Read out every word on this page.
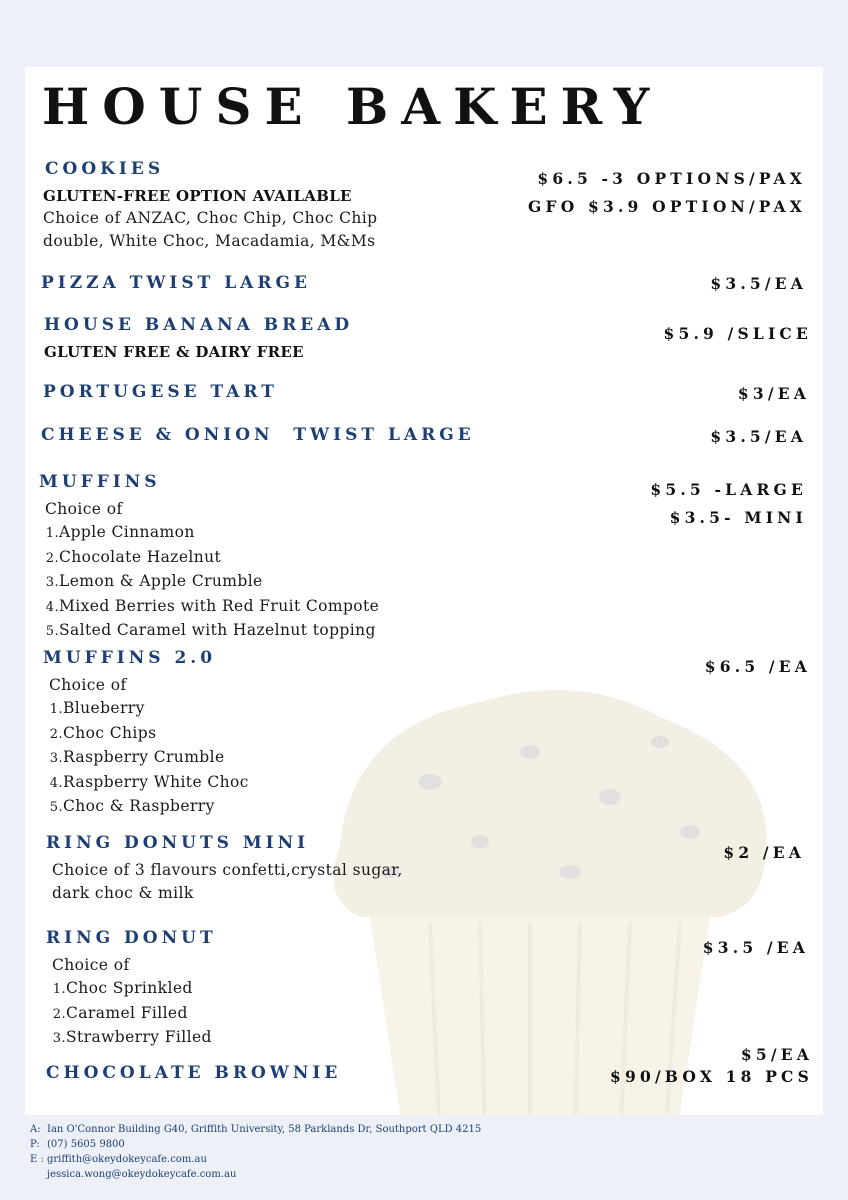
HOUSE BAKERY
COOKIES
GLUTEN-FREE OPTION AVAILABLE

Choice of ANZAC, Choc Chip, Choc Chip
double, White Choc, Macadamia, M&Ms

$6.5 -3 OPTIONS/PAX
GFO $3.9 OPTION/PAX
PIZZA TWIST LARGE	$3.5/EA
HOUSE BANANA BREAD
GLUTEN FREE & DAIRY FREE
$5.9 /SLICE
PORTUGESE TART	$3/EA
CHEESE & ONION  TWIST LARGE	$3.5/EA
MUFFINS

Choice of

1.Apple Cinnamon
2.Chocolate Hazelnut
3.Lemon & Apple Crumble
4.Mixed Berries with Red Fruit Compote
5.Salted Caramel with Hazelnut topping
$5.5 -LARGE
$3.5- MINI
MUFFINS 2.0

Choice of

1.Blueberry
2.Choc Chips
3.Raspberry Crumble
4.Raspberry White Choc
5.Choc & Raspberry
$6.5 /EA
RING DONUTS MINI

Choice of 3 flavours confetti,crystal sugar,
dark choc & milk

$2 /EA
RING DONUT

Choice of

1.Choc Sprinkled
2.Caramel Filled
3.Strawberry Filled
$3.5 /EA
CHOCOLATE BROWNIE
$5/EA
$90/BOX 18 PCS
A: Ian O'Connor Building G40, Griffith University, 58 Parklands Dr, Southport QLD 4215
P: (07) 5605 9800
E : griffith@okeydokeycafe.com.au
jessica.wong@okeydokeycafe.com.au
